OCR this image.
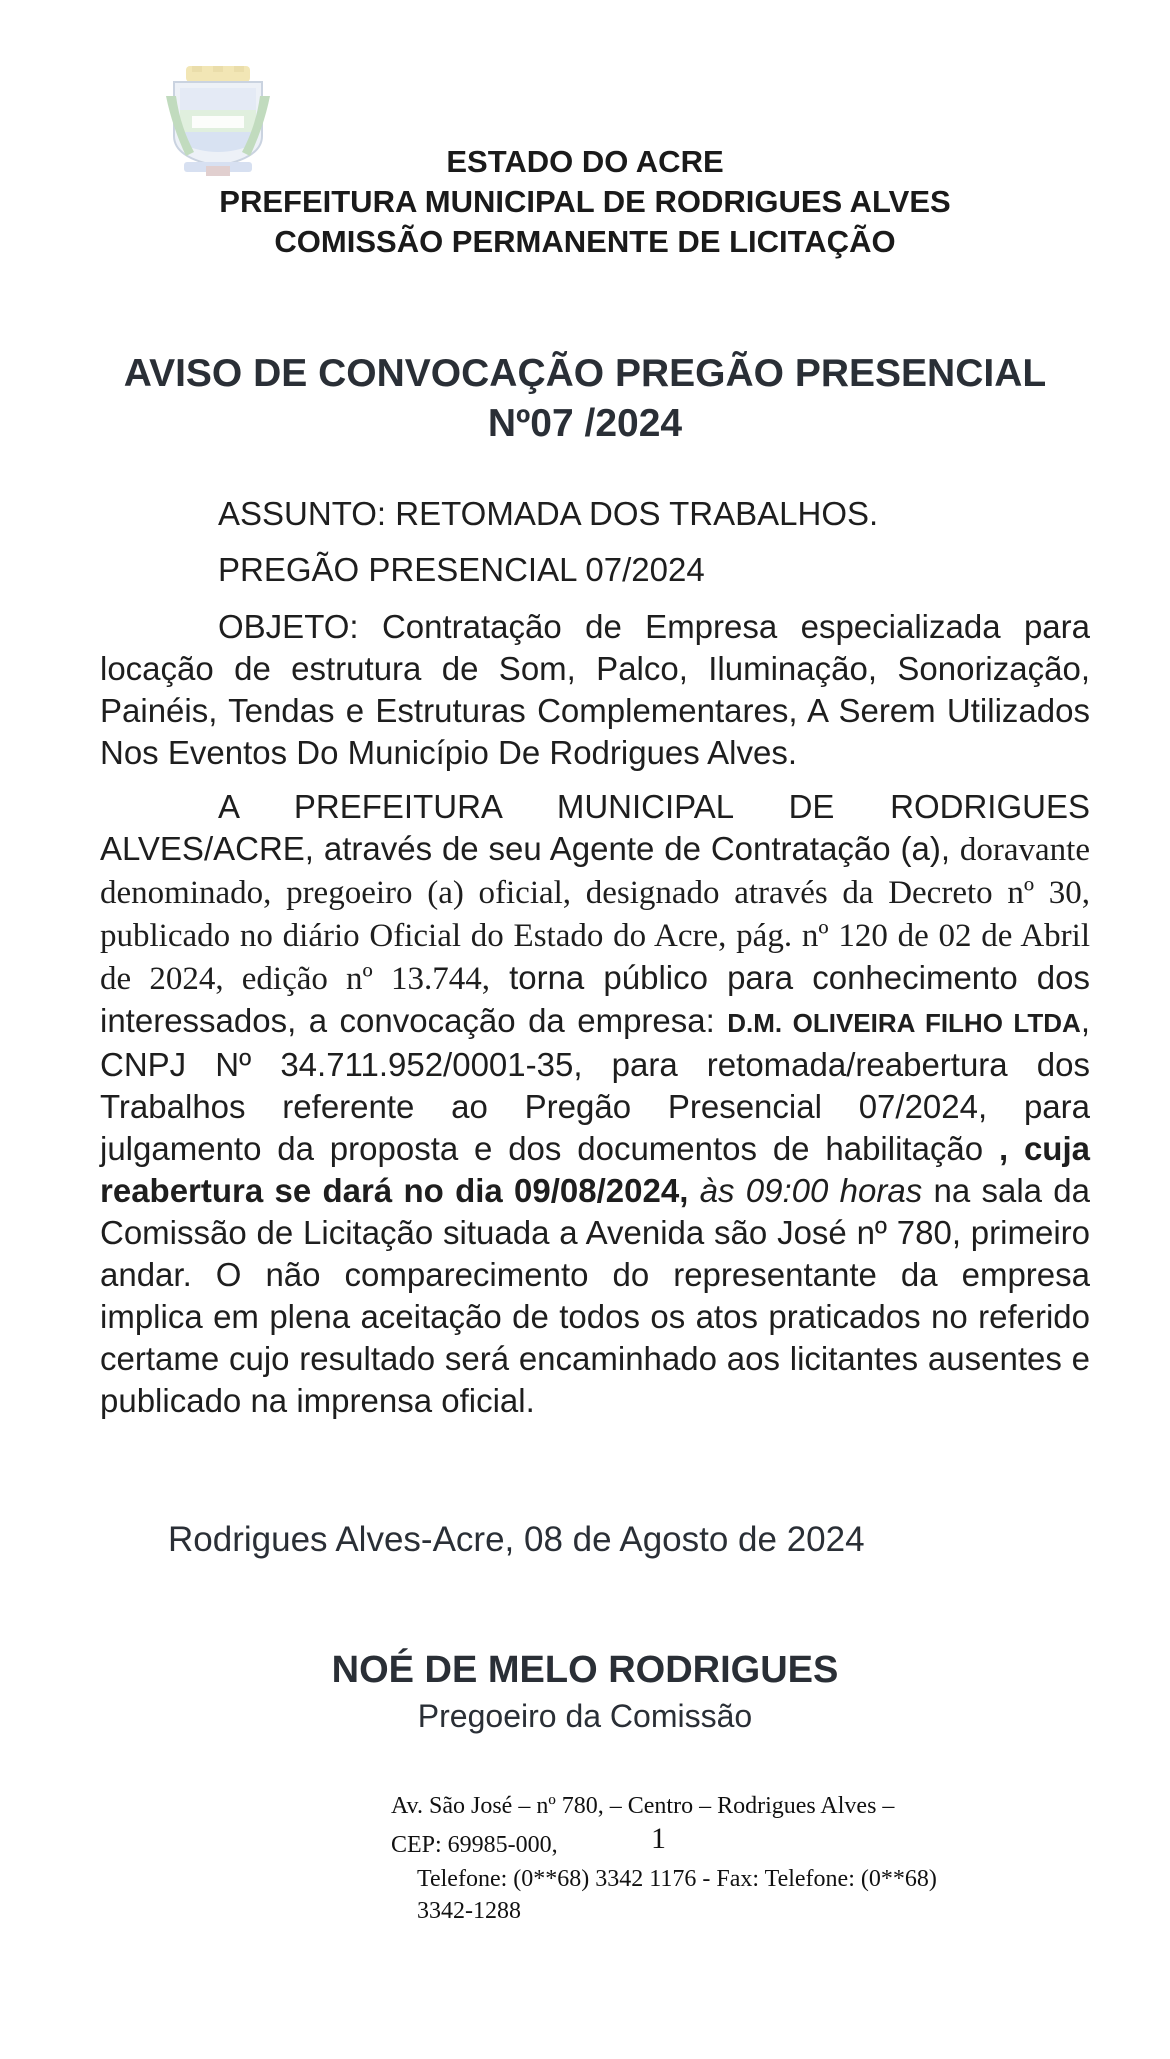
ESTADO DO ACRE
PREFEITURA MUNICIPAL DE RODRIGUES ALVES
COMISSÃO PERMANENTE DE LICITAÇÃO
AVISO DE CONVOCAÇÃO PREGÃO PRESENCIAL
Nº07 /2024
ASSUNTO: RETOMADA DOS TRABALHOS.
PREGÃO PRESENCIAL 07/2024

OBJETO: Contratação de Empresa especializada para locação de estrutura de Som, Palco, Iluminação, Sonorização, Painéis, Tendas e Estruturas Complementares, A Serem Utilizados Nos Eventos Do Município De Rodrigues Alves.

A PREFEITURA MUNICIPAL DE RODRIGUES ALVES/ACRE, através de seu Agente de Contratação (a), doravante denominado, pregoeiro (a) oficial, designado através da Decreto nº 30, publicado no diário Oficial do Estado do Acre, pág. nº 120 de 02 de Abril de 2024, edição nº 13.744, torna público para conhecimento dos interessados, a convocação da empresa: D.M. OLIVEIRA FILHO LTDA, CNPJ Nº 34.711.952/0001-35, para retomada/reabertura dos Trabalhos referente ao Pregão Presencial 07/2024, para julgamento da proposta e dos documentos de habilitação , cuja reabertura se dará no dia 09/08/2024, às 09:00 horas na sala da Comissão de Licitação situada a Avenida são José nº 780, primeiro andar. O não comparecimento do representante da empresa implica em plena aceitação de todos os atos praticados no referido certame cujo resultado será encaminhado aos licitantes ausentes e publicado na imprensa oficial.

Rodrigues Alves-Acre, 08 de Agosto de 2024
NOÉ DE MELO RODRIGUES
Pregoeiro da Comissão
Av. São José – nº 780, – Centro – Rodrigues Alves –
CEP: 69985-000,	1
Telefone: (0**68) 3342 1176 - Fax: Telefone: (0**68)
3342-1288
